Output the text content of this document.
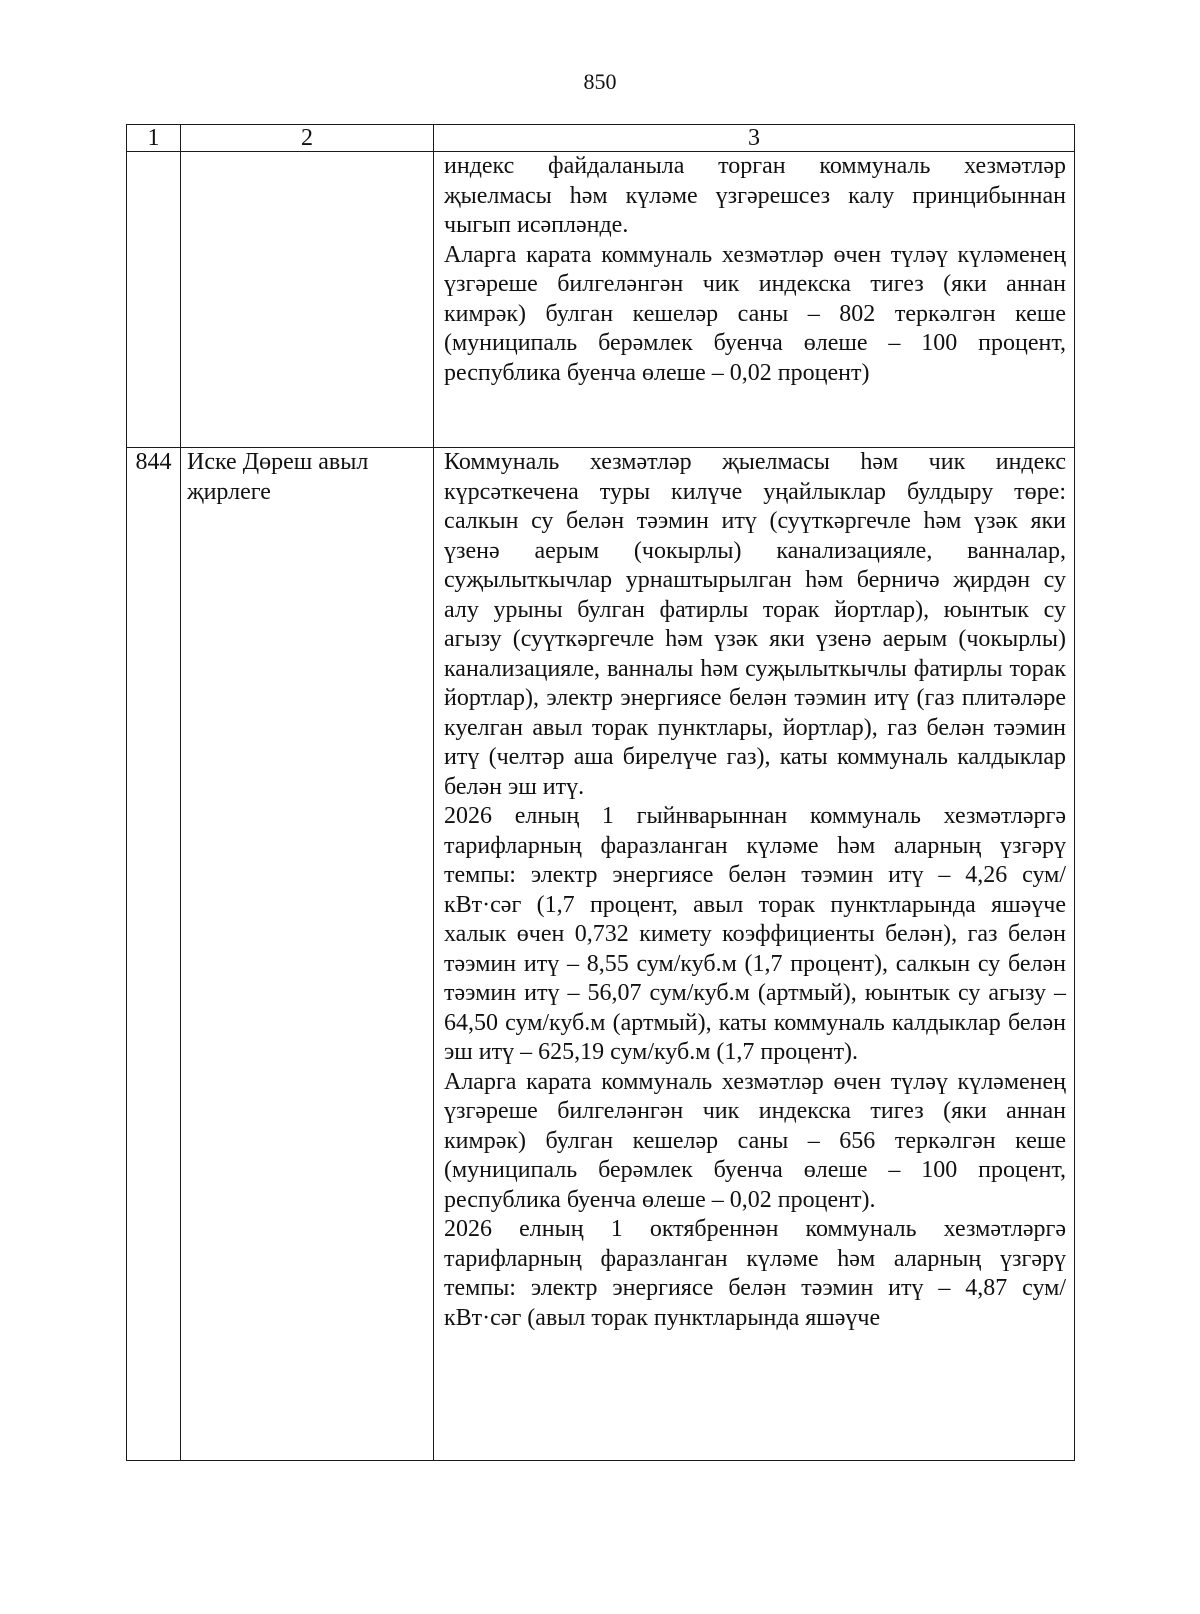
850
1	2	3

		индекс файдаланыла торган коммуналь хезмәтләр җыелмасы һәм күләме үзгәрешсез калу принцибыннан чыгып исәпләнде.

Аларга карата коммуналь хезмәтләр өчен түләү күләменең үзгәреше билгеләнгән чик индекска тигез (яки аннан кимрәк) булган кешеләр саны – 802 теркәлгән кеше (муниципаль берәмлек буенча өлеше – 100 процент, республика буенча өлеше – 0,02 процент)

844	Иске Дөреш авыл җирлеге	Коммуналь хезмәтләр җыелмасы һәм чик индекс күрсәткечена туры килүче уңайлыклар булдыру төре: салкын су белән тәэмин итү (суүткәргечле һәм үзәк яки үзенә аерым (чокырлы) канализацияле, ванналар, суҗылыткычлар урнаштырылган һәм берничә җирдән су алу урыны булган фатирлы торак йортлар), юынтык су агызу (суүткәргечле һәм үзәк яки үзенә аерым (чокырлы) канализацияле, ванналы һәм суҗылыткычлы фатирлы торак йортлар), электр энергиясе белән тәэмин итү (газ плитәләре куелган авыл торак пунктлары, йортлар), газ белән тәэмин итү (челтәр аша бирелүче газ), каты коммуналь калдыклар белән эш итү.

2026 елның 1 гыйнварыннан коммуналь хезмәтләргә тарифларның фаразланган күләме һәм аларның үзгәрү темпы: электр энергиясе белән тәэмин итү – 4,26 сум/кВт·сәг (1,7 процент, авыл торак пунктларында яшәүче халык өчен 0,732 кимету коэффициенты белән), газ белән тәэмин итү – 8,55 сум/куб.м (1,7 процент), салкын су белән тәэмин итү – 56,07 сум/куб.м (артмый), юынтык су агызу – 64,50 сум/куб.м (артмый), каты коммуналь калдыклар белән эш итү – 625,19 сум/куб.м (1,7 процент).

Аларга карата коммуналь хезмәтләр өчен түләү күләменең үзгәреше билгеләнгән чик индекска тигез (яки аннан кимрәк) булган кешеләр саны – 656 теркәлгән кеше (муниципаль берәмлек буенча өлеше – 100 процент, республика буенча өлеше – 0,02 процент).

2026 елның 1 октябреннән коммуналь хезмәтләргә тарифларның фаразланган күләме һәм аларның үзгәрү темпы: электр энергиясе белән тәэмин итү – 4,87 сум/кВт·сәг (авыл торак пунктларында яшәүче
